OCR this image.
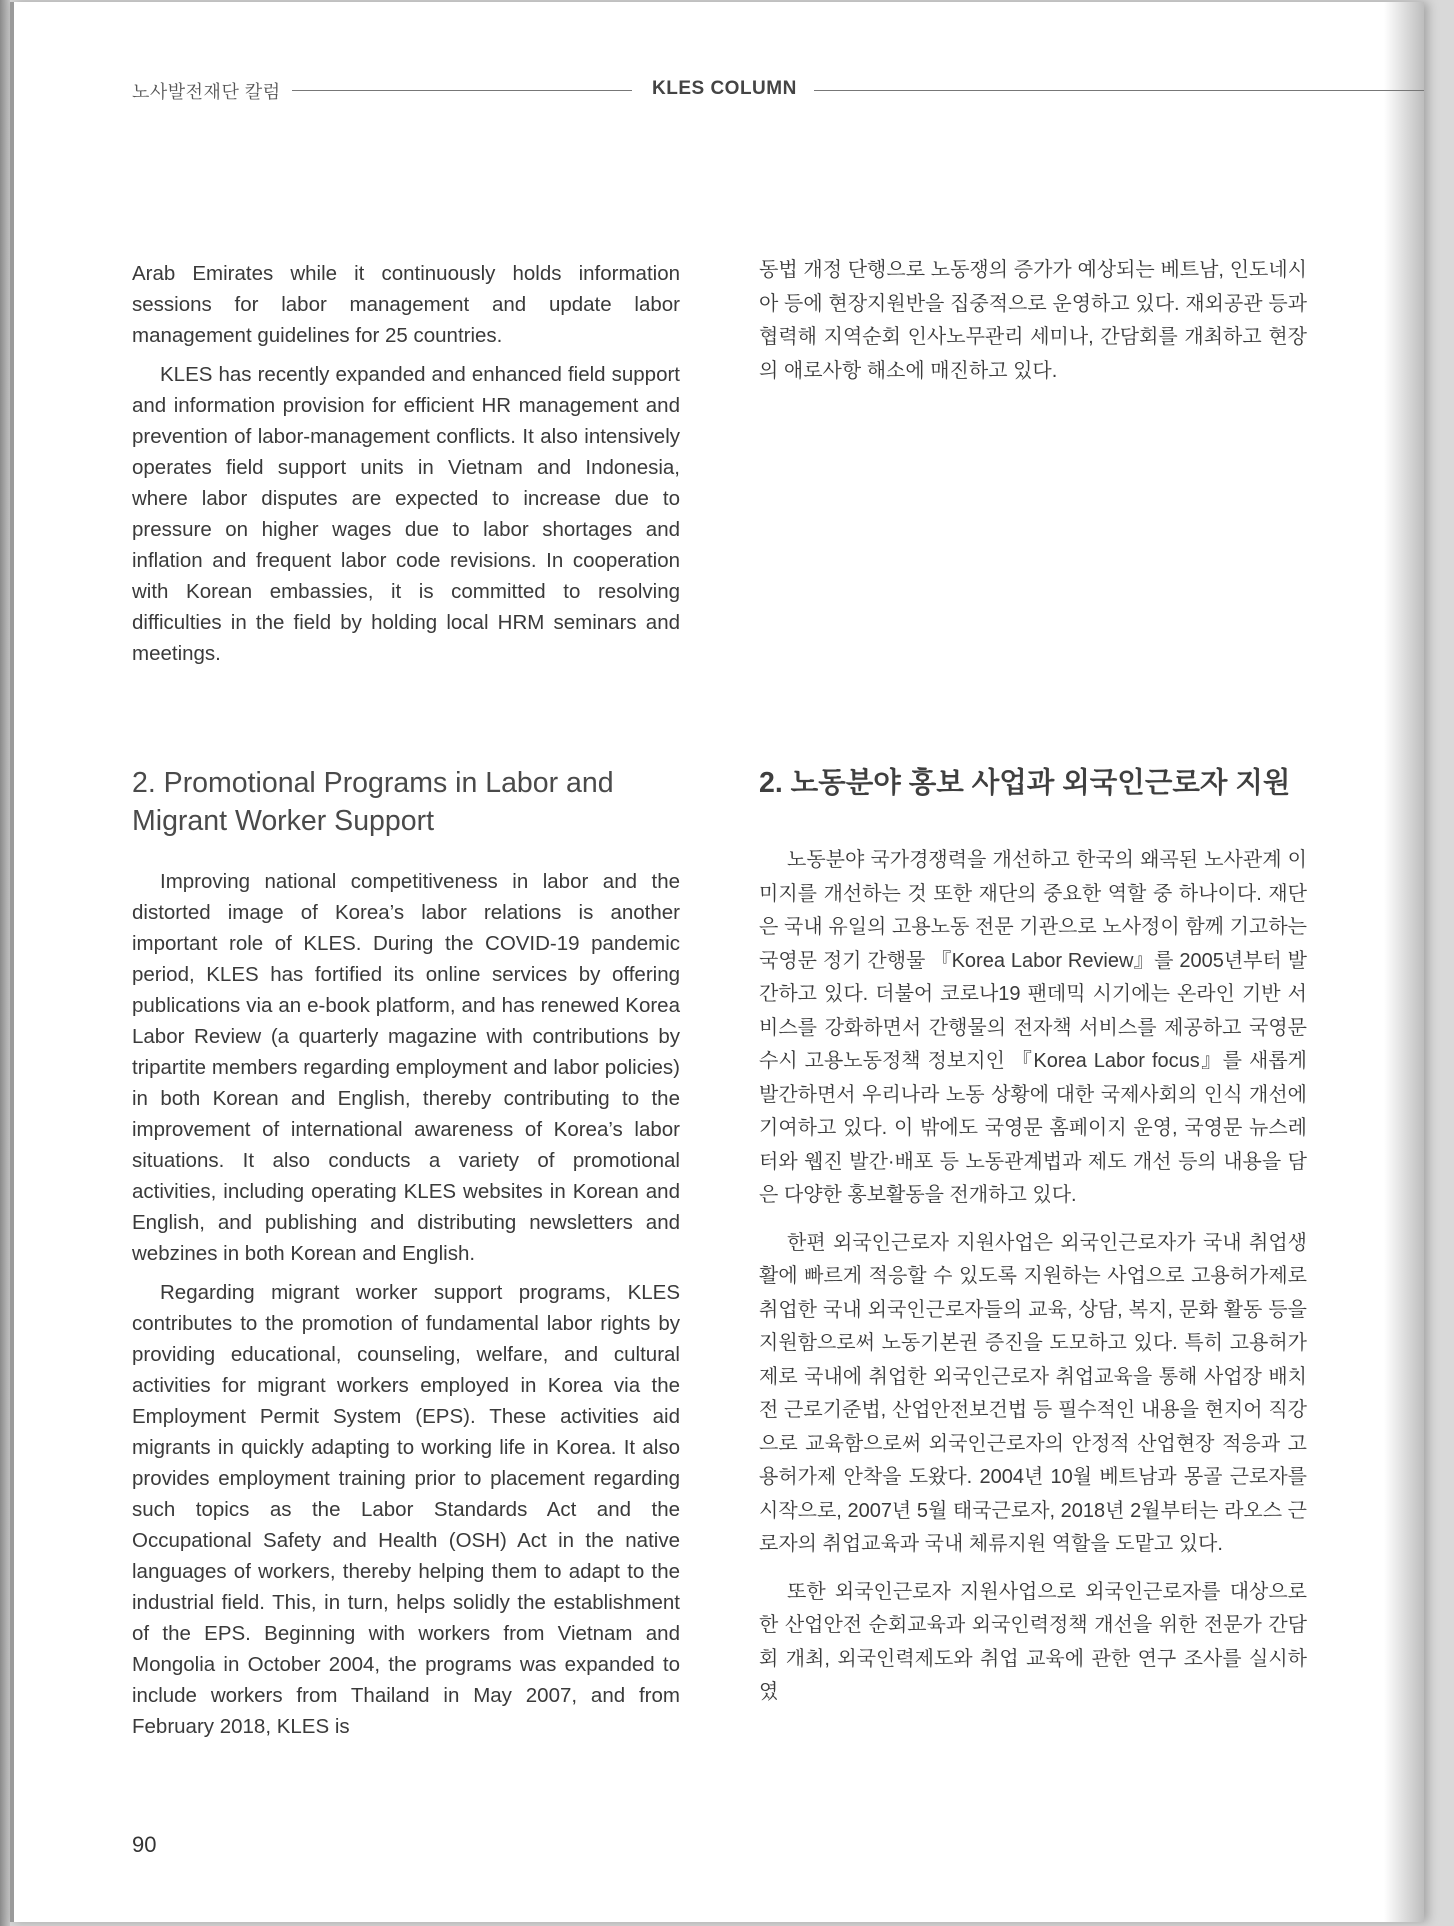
노사발전재단 칼럼	KLES COLUMN

Arab Emirates while it continuously holds information sessions for labor management and update labor management guidelines for 25 countries.

KLES has recently expanded and enhanced field support and information provision for efficient HR management and prevention of labor-management conflicts. It also intensively operates field support units in Vietnam and Indonesia, where labor disputes are expected to increase due to pressure on higher wages due to labor shortages and inflation and frequent labor code revisions. In cooperation with Korean embassies, it is committed to resolving difficulties in the field by holding local HRM seminars and meetings.

동법 개정 단행으로 노동쟁의 증가가 예상되는 베트남, 인도네시아 등에 현장지원반을 집중적으로 운영하고 있다. 재외공관 등과 협력해 지역순회 인사노무관리 세미나, 간담회를 개최하고 현장의 애로사항 해소에 매진하고 있다.

2. Promotional Programs in Labor and Migrant Worker Support

Improving national competitiveness in labor and the distorted image of Korea’s labor relations is another important role of KLES. During the COVID-19 pandemic period, KLES has fortified its online services by offering publications via an e-book platform, and has renewed Korea Labor Review (a quarterly magazine with contributions by tripartite members regarding employment and labor policies) in both Korean and English, thereby contributing to the improvement of international awareness of Korea’s labor situations. It also conducts a variety of promotional activities, including operating KLES websites in Korean and English, and publishing and distributing newsletters and webzines in both Korean and English.

Regarding migrant worker support programs, KLES contributes to the promotion of fundamental labor rights by providing educational, counseling, welfare, and cultural activities for migrant workers employed in Korea via the Employment Permit System (EPS). These activities aid migrants in quickly adapting to working life in Korea. It also provides employment training prior to placement regarding such topics as the Labor Standards Act and the Occupational Safety and Health (OSH) Act in the native languages of workers, thereby helping them to adapt to the industrial field. This, in turn, helps solidly the establishment of the EPS. Beginning with workers from Vietnam and Mongolia in October 2004, the programs was expanded to include workers from Thailand in May 2007, and from February 2018, KLES is

2. 노동분야 홍보 사업과 외국인근로자 지원

노동분야 국가경쟁력을 개선하고 한국의 왜곡된 노사관계 이미지를 개선하는 것 또한 재단의 중요한 역할 중 하나이다. 재단은 국내 유일의 고용노동 전문 기관으로 노사정이 함께 기고하는 국영문 정기 간행물 『Korea Labor Review』를 2005년부터 발간하고 있다. 더불어 코로나19 팬데믹 시기에는 온라인 기반 서비스를 강화하면서 간행물의 전자책 서비스를 제공하고 국영문 수시 고용노동정책 정보지인 『Korea Labor focus』를 새롭게 발간하면서 우리나라 노동 상황에 대한 국제사회의 인식 개선에 기여하고 있다. 이 밖에도 국영문 홈페이지 운영, 국영문 뉴스레터와 웹진 발간·배포 등 노동관계법과 제도 개선 등의 내용을 담은 다양한 홍보활동을 전개하고 있다.

한편 외국인근로자 지원사업은 외국인근로자가 국내 취업생활에 빠르게 적응할 수 있도록 지원하는 사업으로 고용허가제로 취업한 국내 외국인근로자들의 교육, 상담, 복지, 문화 활동 등을 지원함으로써 노동기본권 증진을 도모하고 있다. 특히 고용허가제로 국내에 취업한 외국인근로자 취업교육을 통해 사업장 배치 전 근로기준법, 산업안전보건법 등 필수적인 내용을 현지어 직강으로 교육함으로써 외국인근로자의 안정적 산업현장 적응과 고용허가제 안착을 도왔다. 2004년 10월 베트남과 몽골 근로자를 시작으로, 2007년 5월 태국근로자, 2018년 2월부터는 라오스 근로자의 취업교육과 국내 체류지원 역할을 도맡고 있다.

또한 외국인근로자 지원사업으로 외국인근로자를 대상으로 한 산업안전 순회교육과 외국인력정책 개선을 위한 전문가 간담회 개최, 외국인력제도와 취업 교육에 관한 연구 조사를 실시하였

90
